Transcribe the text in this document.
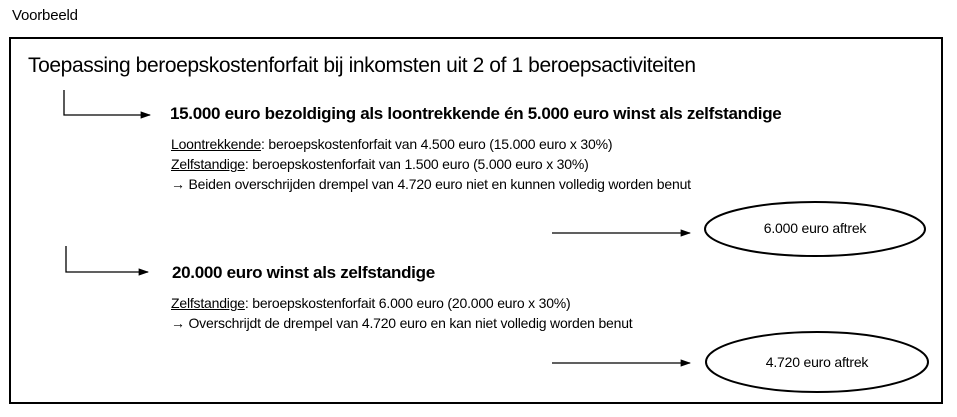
Voorbeeld
Toepassing beroepskostenforfait bij inkomsten uit 2 of 1 beroepsactiviteiten
15.000 euro bezoldiging als loontrekkende én 5.000 euro winst als zelfstandige
Loontrekkende: beroepskostenforfait van 4.500 euro (15.000 euro x 30%)
Zelfstandige: beroepskostenforfait van 1.500 euro (5.000 euro x 30%)
→ Beiden overschrijden drempel van 4.720 euro niet en kunnen volledig worden benut
6.000 euro aftrek
20.000 euro winst als zelfstandige
Zelfstandige: beroepskostenforfait 6.000 euro (20.000 euro x 30%)
→ Overschrijdt de drempel van 4.720 euro en kan niet volledig worden benut
4.720 euro aftrek
